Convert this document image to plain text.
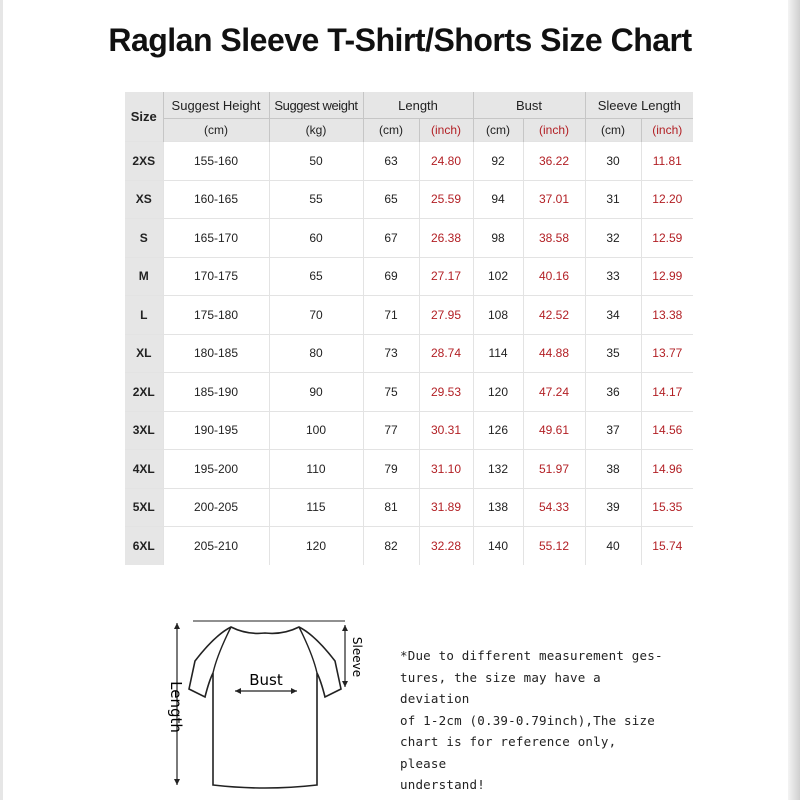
Raglan Sleeve T-Shirt/Shorts Size Chart
Size	Suggest Height	Suggest weight	Length		Bust		Sleeve Length	
	(cm)	(kg)	(cm)	(inch)	(cm)	(inch)	(cm)	(inch)
2XS	155-160	50	63	24.80	92	36.22	30	11.81
XS	160-165	55	65	25.59	94	37.01	31	12.20
S	165-170	60	67	26.38	98	38.58	32	12.59
M	170-175	65	69	27.17	102	40.16	33	12.99
L	175-180	70	71	27.95	108	42.52	34	13.38
XL	180-185	80	73	28.74	114	44.88	35	13.77
2XL	185-190	90	75	29.53	120	47.24	36	14.17
3XL	190-195	100	77	30.31	126	49.61	37	14.56
4XL	195-200	110	79	31.10	132	51.97	38	14.96
5XL	200-205	115	81	31.89	138	54.33	39	15.35
6XL	205-210	120	82	32.28	140	55.12	40	15.74
Bust
Length
Sleeve	*Due to different measurement ges-
tures, the size may have a deviation
of 1-2cm (0.39-0.79inch),The size
chart is for reference only, please
understand!
